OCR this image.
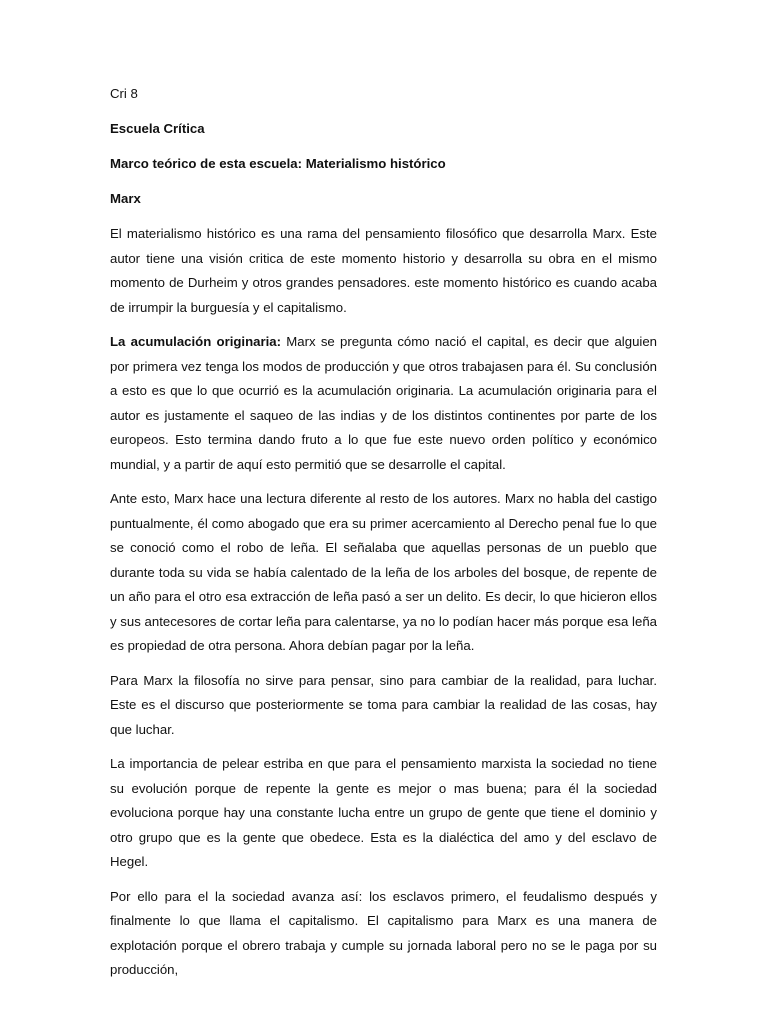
Cri 8
Escuela Crítica
Marco teórico de esta escuela: Materialismo histórico
Marx

El materialismo histórico es una rama del pensamiento filosófico que desarrolla Marx. Este autor tiene una visión critica de este momento historio y desarrolla su obra en el mismo momento de Durheim y otros grandes pensadores. este momento histórico es cuando acaba de irrumpir la burguesía y el capitalismo.

La acumulación originaria: Marx se pregunta cómo nació el capital, es decir que alguien por primera vez tenga los modos de producción y que otros trabajasen para él. Su conclusión a esto es que lo que ocurrió es la acumulación originaria. La acumulación originaria para el autor es justamente el saqueo de las indias y de los distintos continentes por parte de los europeos. Esto termina dando fruto a lo que fue este nuevo orden político y económico mundial, y a partir de aquí esto permitió que se desarrolle el capital.

Ante esto, Marx hace una lectura diferente al resto de los autores. Marx no habla del castigo puntualmente, él como abogado que era su primer acercamiento al Derecho penal fue lo que se conoció como el robo de leña. El señalaba que aquellas personas de un pueblo que durante toda su vida se había calentado de la leña de los arboles del bosque, de repente de un año para el otro esa extracción de leña pasó a ser un delito. Es decir, lo que hicieron ellos y sus antecesores de cortar leña para calentarse, ya no lo podían hacer más porque esa leña es propiedad de otra persona. Ahora debían pagar por la leña.

Para Marx la filosofía no sirve para pensar, sino para cambiar de la realidad, para luchar. Este es el discurso que posteriormente se toma para cambiar la realidad de las cosas, hay que luchar.

La importancia de pelear estriba en que para el pensamiento marxista la sociedad no tiene su evolución porque de repente la gente es mejor o mas buena; para él la sociedad evoluciona porque hay una constante lucha entre un grupo de gente que tiene el dominio y otro grupo que es la gente que obedece. Esta es la dialéctica del amo y del esclavo de Hegel.

Por ello para el la sociedad avanza así: los esclavos primero, el feudalismo después y finalmente lo que llama el capitalismo. El capitalismo para Marx es una manera de explotación porque el obrero trabaja y cumple su jornada laboral pero no se le paga por su producción,
